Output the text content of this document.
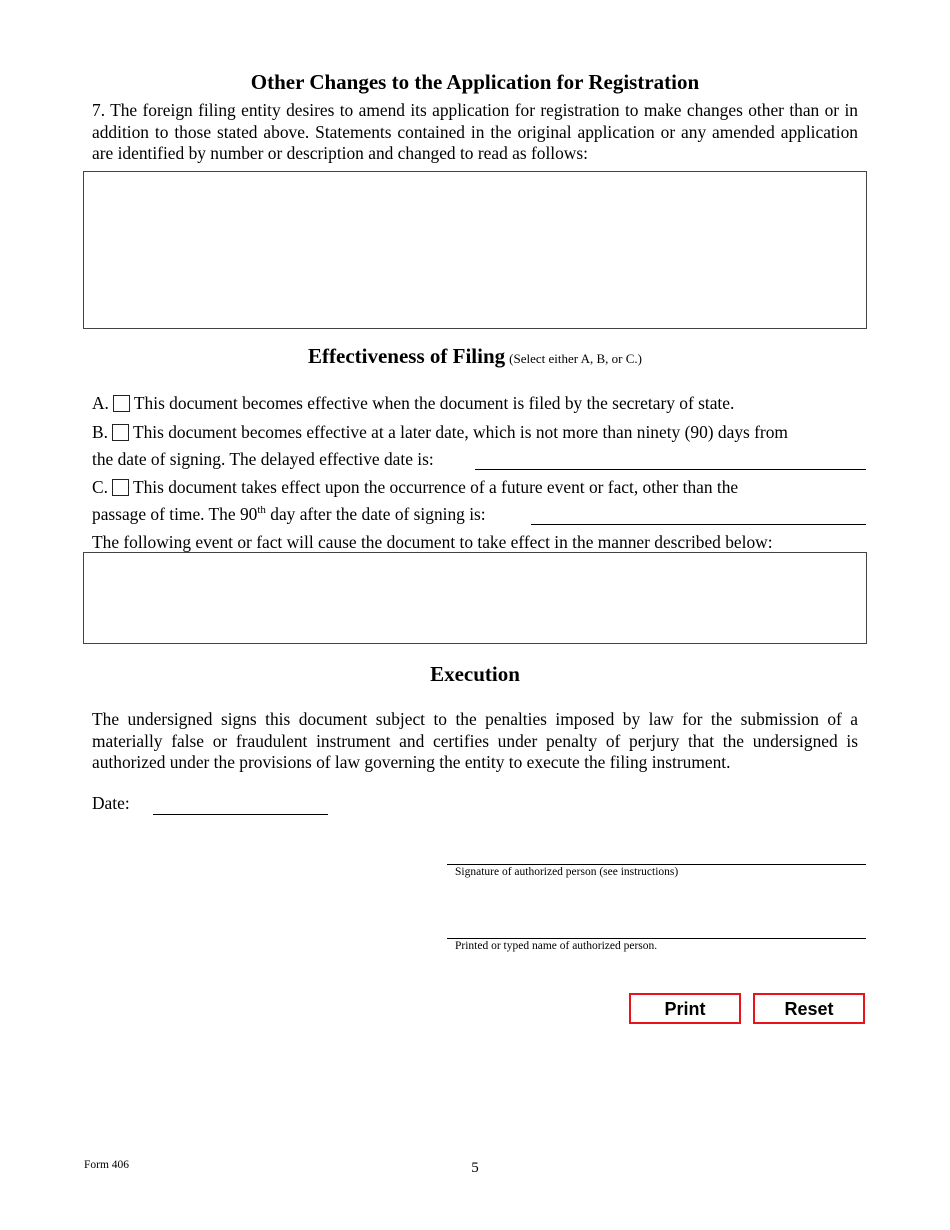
Other Changes to the Application for Registration
7. The foreign filing entity desires to amend its application for registration to make changes other than or in addition to those stated above. Statements contained in the original application or any amended application are identified by number or description and changed to read as follows:
Effectiveness of Filing (Select either A, B, or C.)
A. This document becomes effective when the document is filed by the secretary of state.
B. This document becomes effective at a later date, which is not more than ninety (90) days from
the date of signing. The delayed effective date is:
C. This document takes effect upon the occurrence of a future event or fact, other than the
passage of time. The 90th day after the date of signing is:
The following event or fact will cause the document to take effect in the manner described below:
Execution
The undersigned signs this document subject to the penalties imposed by law for the submission of a materially false or fraudulent instrument and certifies under penalty of perjury that the undersigned is authorized under the provisions of law governing the entity to execute the filing instrument.
Date:
Signature of authorized person (see instructions)
Printed or typed name of authorized person.
Print	Reset
Form 406	5
